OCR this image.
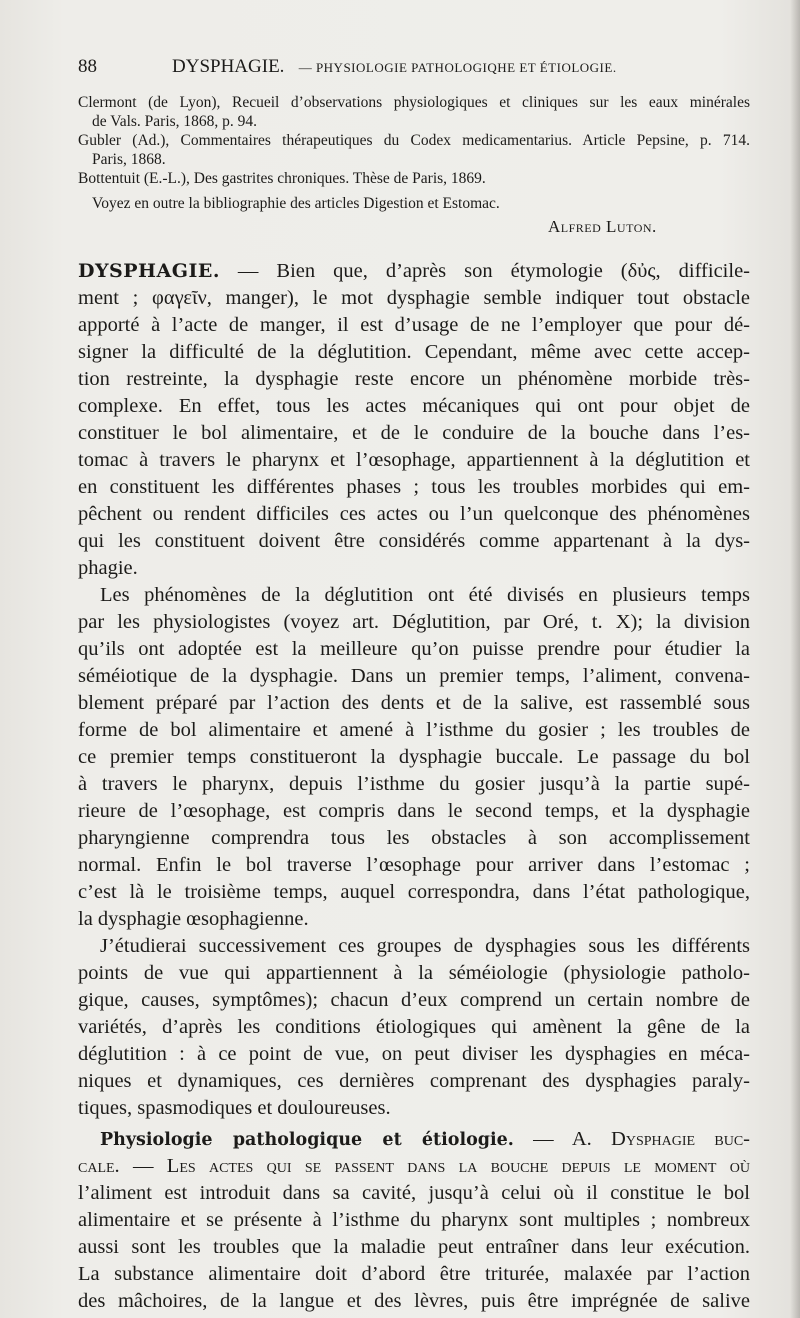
88	DYSPHAGIE. — PHYSIOLOGIE PATHOLOGIQHE ET ÉTIOLOGIE.
Clermont (de Lyon), Recueil d’observations physiologiques et cliniques sur les eaux minérales
de Vals. Paris, 1868, p. 94.
Gubler (Ad.), Commentaires thérapeutiques du Codex medicamentarius. Article Pepsine, p. 714.
Paris, 1868.
Bottentuit (E.-L.), Des gastrites chroniques. Thèse de Paris, 1869.
Voyez en outre la bibliographie des articles Digestion et Estomac.
Alfred Luton.
DYSPHAGIE. — Bien que, d’après son étymologie (δὐς, difficile-
ment ; φαγεῖν, manger), le mot dysphagie semble indiquer tout obstacle
apporté à l’acte de manger, il est d’usage de ne l’employer que pour dé-
signer la difficulté de la déglutition. Cependant, même avec cette accep-
tion restreinte, la dysphagie reste encore un phénomène morbide très-
complexe. En effet, tous les actes mécaniques qui ont pour objet de
constituer le bol alimentaire, et de le conduire de la bouche dans l’es-
tomac à travers le pharynx et l’œsophage, appartiennent à la déglutition et
en constituent les différentes phases ; tous les troubles morbides qui em-
pêchent ou rendent difficiles ces actes ou l’un quelconque des phénomènes
qui les constituent doivent être considérés comme appartenant à la dys-
phagie.
Les phénomènes de la déglutition ont été divisés en plusieurs temps
par les physiologistes (voyez art. Déglutition, par Oré, t. X); la division
qu’ils ont adoptée est la meilleure qu’on puisse prendre pour étudier la
séméiotique de la dysphagie. Dans un premier temps, l’aliment, convena-
blement préparé par l’action des dents et de la salive, est rassemblé sous
forme de bol alimentaire et amené à l’isthme du gosier ; les troubles de
ce premier temps constitueront la dysphagie buccale. Le passage du bol
à travers le pharynx, depuis l’isthme du gosier jusqu’à la partie supé-
rieure de l’œsophage, est compris dans le second temps, et la dysphagie
pharyngienne comprendra tous les obstacles à son accomplissement
normal. Enfin le bol traverse l’œsophage pour arriver dans l’estomac ;
c’est là le troisième temps, auquel correspondra, dans l’état pathologique,
la dysphagie œsophagienne.
J’étudierai successivement ces groupes de dysphagies sous les différents
points de vue qui appartiennent à la séméiologie (physiologie patholo-
gique, causes, symptômes); chacun d’eux comprend un certain nombre de
variétés, d’après les conditions étiologiques qui amènent la gêne de la
déglutition : à ce point de vue, on peut diviser les dysphagies en méca-
niques et dynamiques, ces dernières comprenant des dysphagies paraly-
tiques, spasmodiques et douloureuses.
Physiologie pathologique et étiologie. — A. Dysphagie buc-
cale. — Les actes qui se passent dans la bouche depuis le moment où
l’aliment est introduit dans sa cavité, jusqu’à celui où il constitue le bol
alimentaire et se présente à l’isthme du pharynx sont multiples ; nombreux
aussi sont les troubles que la maladie peut entraîner dans leur exécution.
La substance alimentaire doit d’abord être triturée, malaxée par l’action
des mâchoires, de la langue et des lèvres, puis être imprégnée de salive
